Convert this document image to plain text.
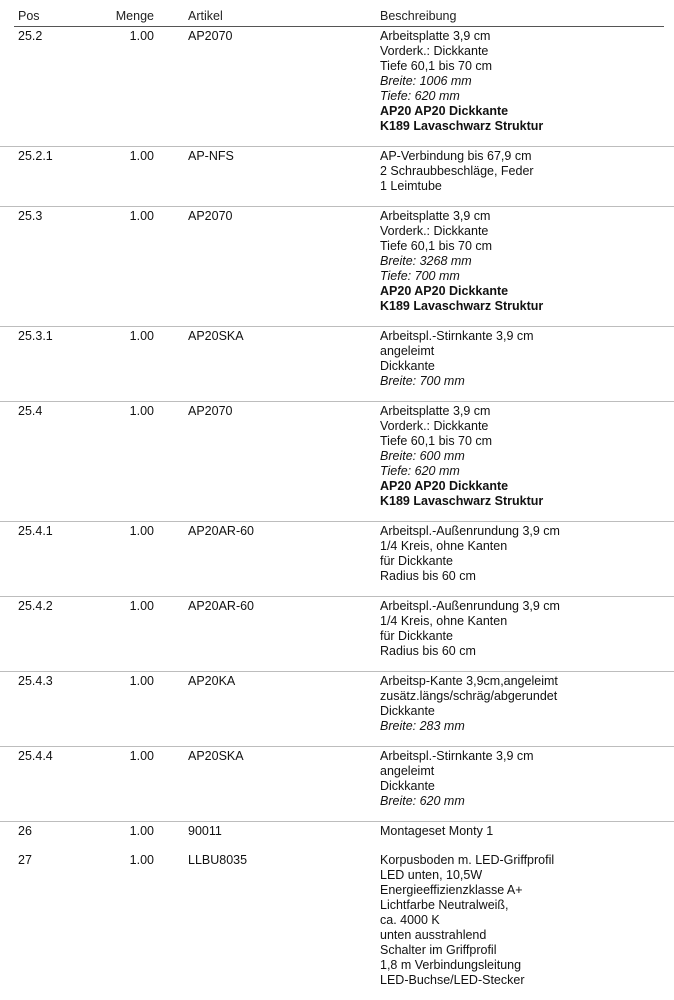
Pos	Menge	Artikel	Beschreibung
25.2	1.00	AP2070	Arbeitsplatte 3,9 cm
Vorderk.: Dickkante
Tiefe 60,1 bis 70 cm
Breite: 1006 mm
Tiefe: 620 mm
AP20 AP20 Dickkante
K189 Lavaschwarz Struktur
25.2.1	1.00	AP-NFS	AP-Verbindung bis 67,9 cm
2 Schraubbeschläge, Feder
1 Leimtube
25.3	1.00	AP2070	Arbeitsplatte 3,9 cm
Vorderk.: Dickkante
Tiefe 60,1 bis 70 cm
Breite: 3268 mm
Tiefe: 700 mm
AP20 AP20 Dickkante
K189 Lavaschwarz Struktur
25.3.1	1.00	AP20SKA	Arbeitspl.-Stirnkante 3,9 cm
angeleimt
Dickkante
Breite: 700 mm
25.4	1.00	AP2070	Arbeitsplatte 3,9 cm
Vorderk.: Dickkante
Tiefe 60,1 bis 70 cm
Breite: 600 mm
Tiefe: 620 mm
AP20 AP20 Dickkante
K189 Lavaschwarz Struktur
25.4.1	1.00	AP20AR-60	Arbeitspl.-Außenrundung 3,9 cm
1/4 Kreis, ohne Kanten
für Dickkante
Radius bis 60 cm
25.4.2	1.00	AP20AR-60	Arbeitspl.-Außenrundung 3,9 cm
1/4 Kreis, ohne Kanten
für Dickkante
Radius bis 60 cm
25.4.3	1.00	AP20KA	Arbeitsp-Kante 3,9cm,angeleimt
zusätz.längs/schräg/abgerundet
Dickkante
Breite: 283 mm
25.4.4	1.00	AP20SKA	Arbeitspl.-Stirnkante 3,9 cm
angeleimt
Dickkante
Breite: 620 mm
26	1.00	90011	Montageset Monty 1
27	1.00	LLBU8035	Korpusboden m. LED-Griffprofil
LED unten, 10,5W
Energieeffizienzklasse A+
Lichtfarbe Neutralweiß,
ca. 4000 K
unten ausstrahlend
Schalter im Griffprofil
1,8 m Verbindungsleitung
LED-Buchse/LED-Stecker
